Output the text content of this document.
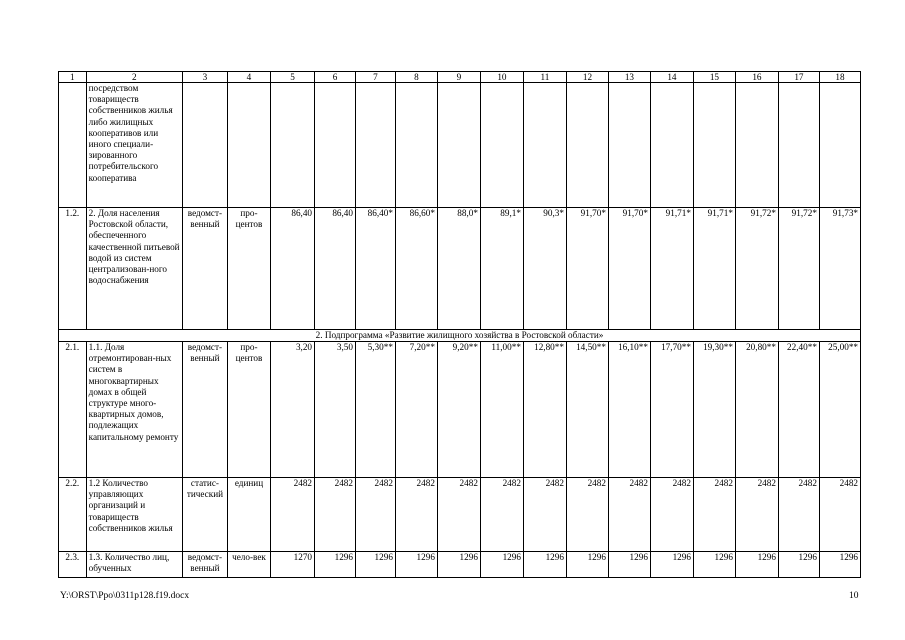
1	2	3	4	5	6	7	8	9	10	11	12	13	14	15	16	17	18
	посредством товариществ собственников жилья либо жилищных кооперативов или иного специали-зированного потребительского кооператива																
1.2.	2. Доля населения Ростовской области, обеспеченного качественной питьевой водой из систем централизован-ного водоснабжения	ведомст-венный	про-центов	86,40	86,40	86,40*	86,60*	88,0*	89,1*	90,3*	91,70*	91,70*	91,71*	91,71*	91,72*	91,72*	91,73*
2. Подпрограмма «Развитие жилищного хозяйства в Ростовской области»																	
2.1.	1.1. Доля отремонтирован-ных систем в многоквартирных домах в общей структуре много-квартирных домов, подлежащих капитальному ремонту	ведомст-венный	про-центов	3,20	3,50	5,30**	7,20**	9,20**	11,00**	12,80**	14,50**	16,10**	17,70**	19,30**	20,80**	22,40**	25,00**
2.2.	1.2 Количество управляющих организаций и товариществ собственников жилья	статис-тический	единиц	2482	2482	2482	2482	2482	2482	2482	2482	2482	2482	2482	2482	2482	2482
2.3.	1.3. Количество лиц, обученных	ведомст-венный	чело-век	1270	1296	1296	1296	1296	1296	1296	1296	1296	1296	1296	1296	1296	1296
Y:\ORST\Ppo\0311p128.f19.docx	10
